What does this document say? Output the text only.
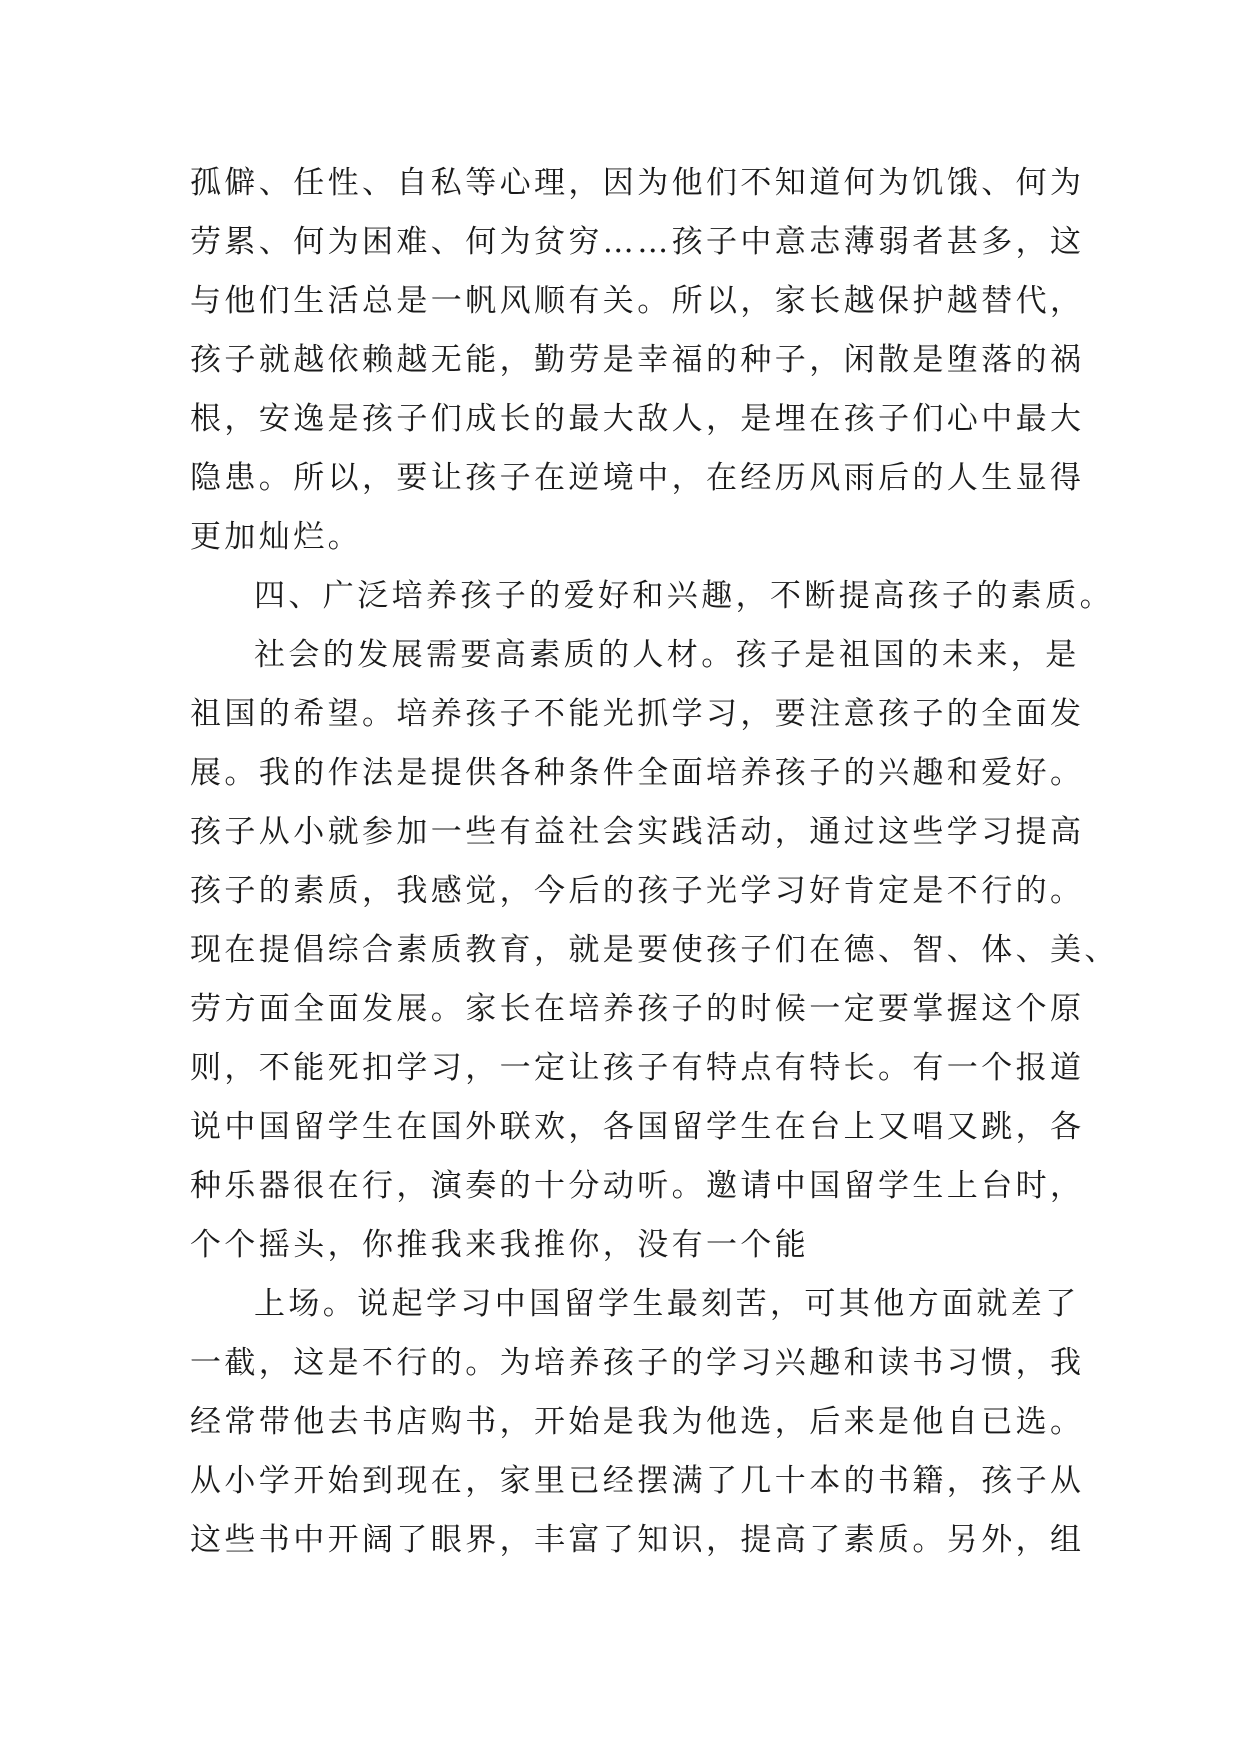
孤僻、任性、自私等心理，因为他们不知道何为饥饿、何为
劳累、何为困难、何为贫穷……孩子中意志薄弱者甚多，这
与他们生活总是一帆风顺有关。所以，家长越保护越替代，
孩子就越依赖越无能，勤劳是幸福的种子，闲散是堕落的祸
根，安逸是孩子们成长的最大敌人，是埋在孩子们心中最大
隐患。所以，要让孩子在逆境中，在经历风雨后的人生显得
更加灿烂。
四、广泛培养孩子的爱好和兴趣，不断提高孩子的素质。
社会的发展需要高素质的人材。孩子是祖国的未来，是
祖国的希望。培养孩子不能光抓学习，要注意孩子的全面发
展。我的作法是提供各种条件全面培养孩子的兴趣和爱好。
孩子从小就参加一些有益社会实践活动，通过这些学习提高
孩子的素质，我感觉，今后的孩子光学习好肯定是不行的。
现在提倡综合素质教育，就是要使孩子们在德、智、体、美、
劳方面全面发展。家长在培养孩子的时候一定要掌握这个原
则，不能死扣学习，一定让孩子有特点有特长。有一个报道
说中国留学生在国外联欢，各国留学生在台上又唱又跳，各
种乐器很在行，演奏的十分动听。邀请中国留学生上台时，
个个摇头，你推我来我推你，没有一个能
上场。说起学习中国留学生最刻苦，可其他方面就差了
一截，这是不行的。为培养孩子的学习兴趣和读书习惯，我
经常带他去书店购书，开始是我为他选，后来是他自已选。
从小学开始到现在，家里已经摆满了几十本的书籍，孩子从
这些书中开阔了眼界，丰富了知识，提高了素质。另外，组
